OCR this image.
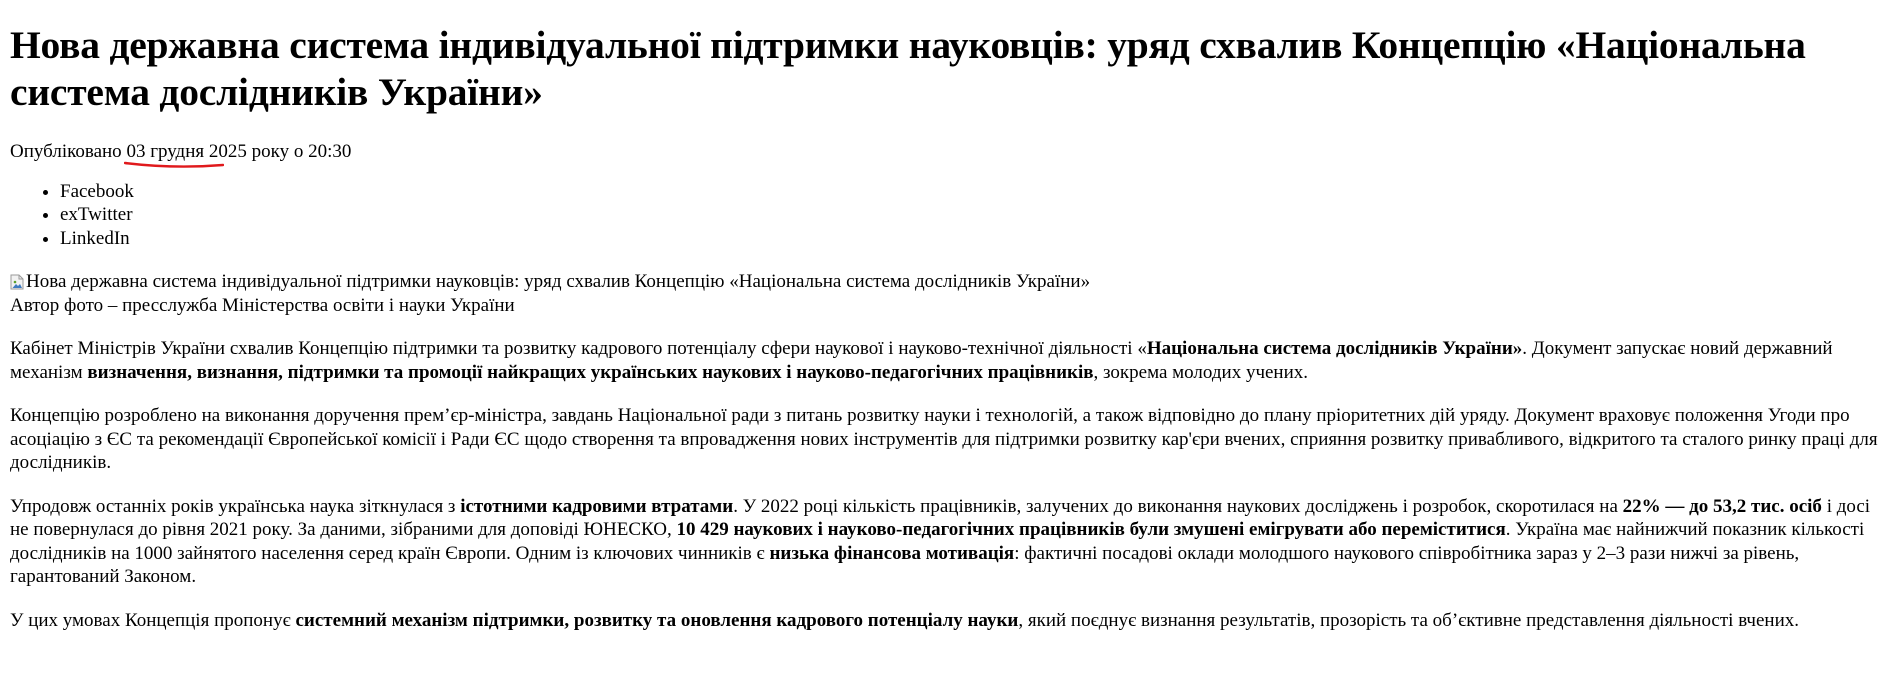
Нова державна система індивідуальної підтримки науковців: уряд схвалив Концепцію «Національна система дослідників України»
Опубліковано 03 грудня 2025 року о 20:30
• Facebook
• exTwitter
• LinkedIn
Нова державна система індивідуальної підтримки науковців: уряд схвалив Концепцію «Національна система дослідників України»
Автор фото – пресслужба Міністерства освіти і науки України

Кабінет Міністрів України схвалив Концепцію підтримки та розвитку кадрового потенціалу сфери наукової і науково-технічної діяльності «Національна система дослідників України». Документ запускає новий державний механізм визначення, визнання, підтримки та промоції найкращих українських наукових і науково-педагогічних працівників, зокрема молодих учених.

Концепцію розроблено на виконання доручення прем’єр-міністра, завдань Національної ради з питань розвитку науки і технологій, а також відповідно до плану пріоритетних дій уряду. Документ враховує положення Угоди про асоціацію з ЄС та рекомендації Європейської комісії і Ради ЄС щодо створення та впровадження нових інструментів для підтримки розвитку кар'єри вчених, сприяння розвитку привабливого, відкритого та сталого ринку праці для дослідників.

Упродовж останніх років українська наука зіткнулася з істотними кадровими втратами. У 2022 році кількість працівників, залучених до виконання наукових досліджень і розробок, скоротилася на 22% — до 53,2 тис. осіб і досі не повернулася до рівня 2021 року. За даними, зібраними для доповіді ЮНЕСКО, 10 429 наукових і науково-педагогічних працівників були змушені емігрувати або переміститися. Україна має найнижчий показник кількості дослідників на 1000 зайнятого населення серед країн Європи. Одним із ключових чинників є низька фінансова мотивація: фактичні посадові оклади молодшого наукового співробітника зараз у 2–3 рази нижчі за рівень, гарантований Законом.

У цих умовах Концепція пропонує системний механізм підтримки, розвитку та оновлення кадрового потенціалу науки, який поєднує визнання результатів, прозорість та об’єктивне представлення діяльності вчених.
